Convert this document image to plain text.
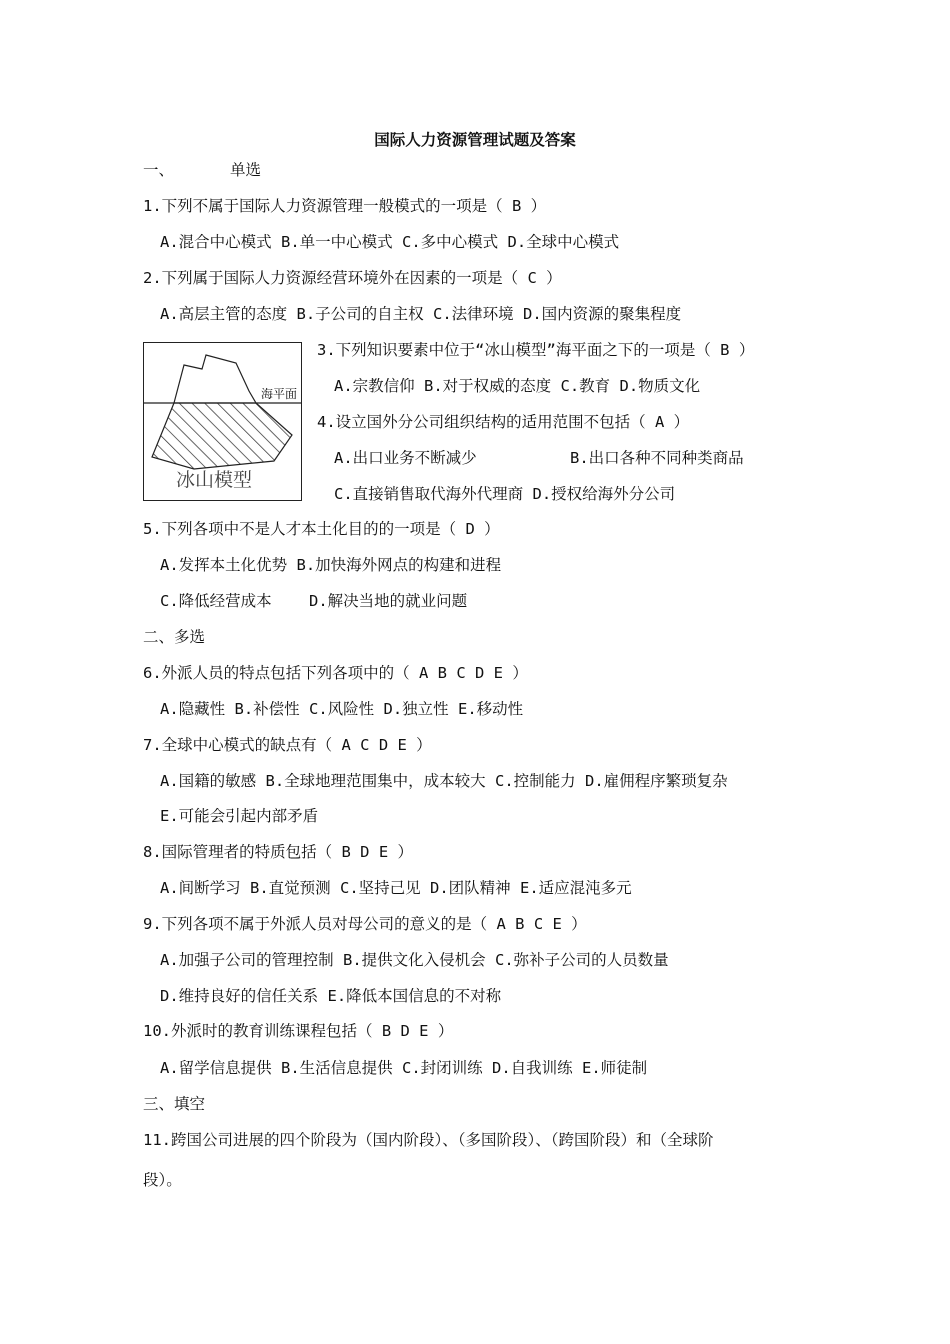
国际人力资源管理试题及答案
一、      单选
1.下列不属于国际人力资源管理一般模式的一项是（ B ）
A.混合中心模式 B.单一中心模式 C.多中心模式 D.全球中心模式
2.下列属于国际人力资源经营环境外在因素的一项是（ C ）
A.高层主管的态度 B.子公司的自主权 C.法律环境 D.国内资源的聚集程度
海平面
冰山模型
3.下列知识要素中位于“冰山模型”海平面之下的一项是（ B ）
A.宗教信仰 B.对于权威的态度 C.教育 D.物质文化
4.设立国外分公司组织结构的适用范围不包括（ A ）
A.出口业务不断减少          B.出口各种不同种类商品
C.直接销售取代海外代理商 D.授权给海外分公司
5.下列各项中不是人才本土化目的的一项是（ D ）
A.发挥本土化优势 B.加快海外网点的构建和进程
C.降低经营成本    D.解决当地的就业问题
二、多选
6.外派人员的特点包括下列各项中的（ A B C D E ）
A.隐藏性 B.补偿性 C.风险性 D.独立性 E.移动性
7.全球中心模式的缺点有（ A C D E ）
A.国籍的敏感 B.全球地理范围集中，成本较大 C.控制能力 D.雇佣程序繁琐复杂
E.可能会引起内部矛盾
8.国际管理者的特质包括（ B D E ）
A.间断学习 B.直觉预测 C.坚持己见 D.团队精神 E.适应混沌多元
9.下列各项不属于外派人员对母公司的意义的是（ A B C E ）
A.加强子公司的管理控制 B.提供文化入侵机会 C.弥补子公司的人员数量
D.维持良好的信任关系 E.降低本国信息的不对称
10.外派时的教育训练课程包括（ B D E ）
A.留学信息提供 B.生活信息提供 C.封闭训练 D.自我训练 E.师徒制
三、填空
11.跨国公司进展的四个阶段为（国内阶段）、（多国阶段）、（跨国阶段）和（全球阶
段）。
